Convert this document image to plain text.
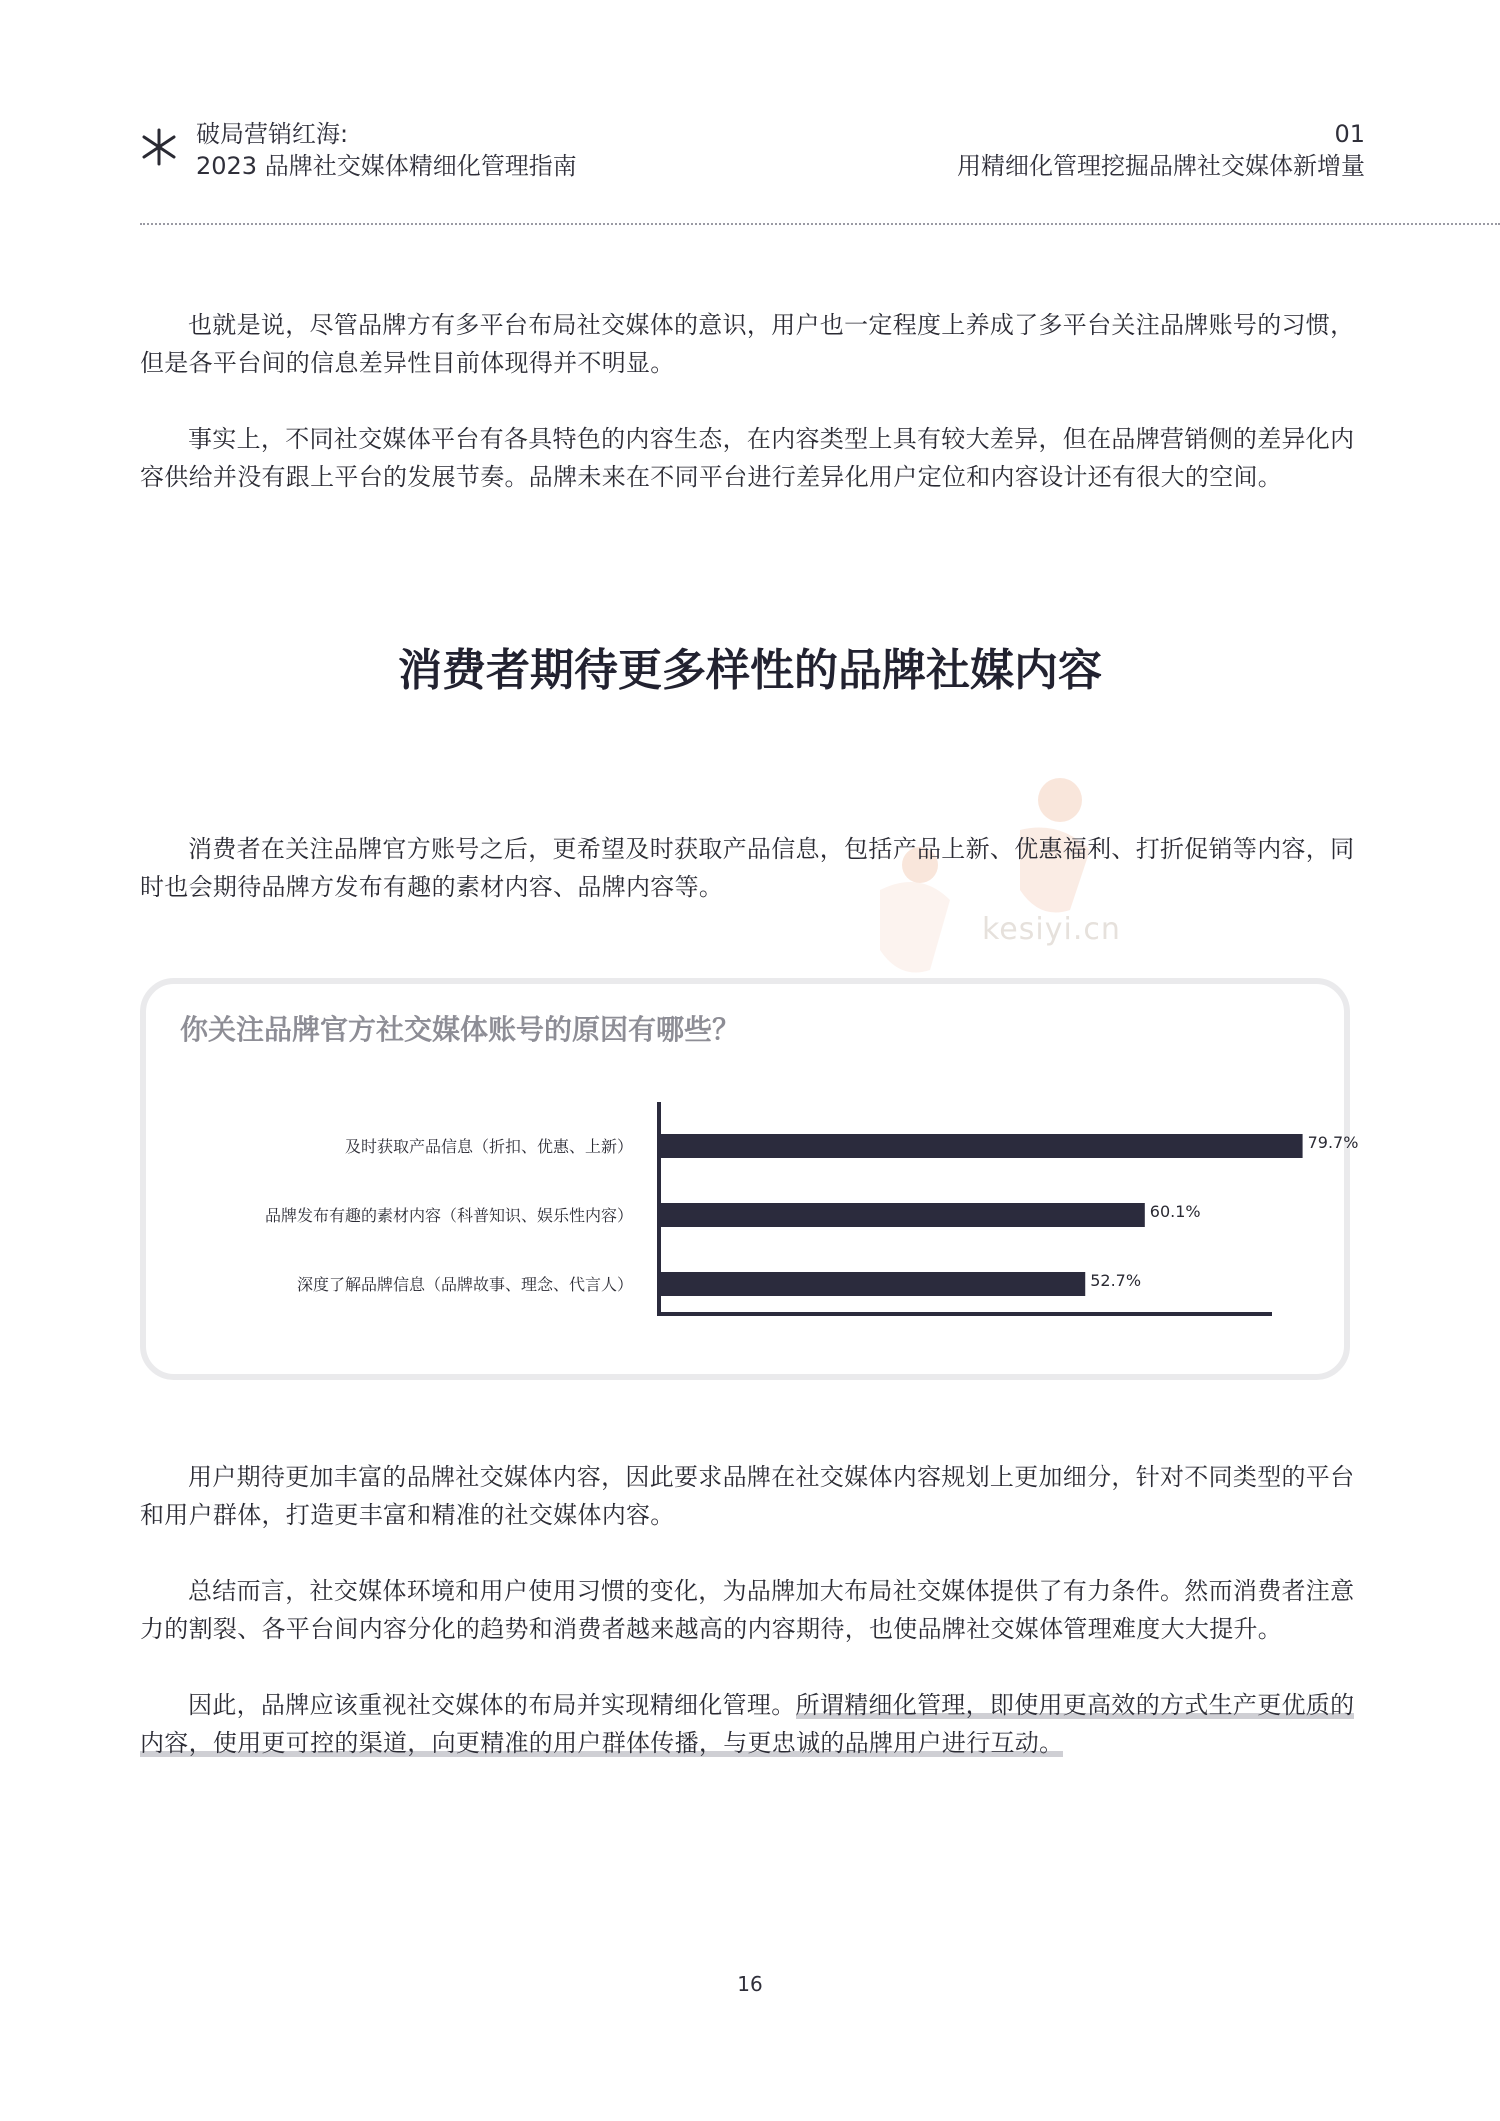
破局营销红海:
2023 品牌社交媒体精细化管理指南
01
用精细化管理挖掘品牌社交媒体新增量
kesiyi.cn

也就是说，尽管品牌方有多平台布局社交媒体的意识，用户也一定程度上养成了多平台关注品牌账号的习惯，但是各平台间的信息差异性目前体现得并不明显。

事实上，不同社交媒体平台有各具特色的内容生态，在内容类型上具有较大差异，但在品牌营销侧的差异化内容供给并没有跟上平台的发展节奏。品牌未来在不同平台进行差异化用户定位和内容设计还有很大的空间。

消费者期待更多样性的品牌社媒内容

消费者在关注品牌官方账号之后，更希望及时获取产品信息，包括产品上新、优惠福利、打折促销等内容，同时也会期待品牌方发布有趣的素材内容、品牌内容等。

你关注品牌官方社交媒体账号的原因有哪些？
及时获取产品信息（折扣、优惠、上新）	79.7%
品牌发布有趣的素材内容（科普知识、娱乐性内容）	60.1%
深度了解品牌信息（品牌故事、理念、代言人）	52.7%

用户期待更加丰富的品牌社交媒体内容，因此要求品牌在社交媒体内容规划上更加细分，针对不同类型的平台和用户群体，打造更丰富和精准的社交媒体内容。

总结而言，社交媒体环境和用户使用习惯的变化，为品牌加大布局社交媒体提供了有力条件。然而消费者注意力的割裂、各平台间内容分化的趋势和消费者越来越高的内容期待，也使品牌社交媒体管理难度大大提升。

因此，品牌应该重视社交媒体的布局并实现精细化管理。所谓精细化管理，即使用更高效的方式生产更优质的内容，使用更可控的渠道，向更精准的用户群体传播，与更忠诚的品牌用户进行互动。

16
